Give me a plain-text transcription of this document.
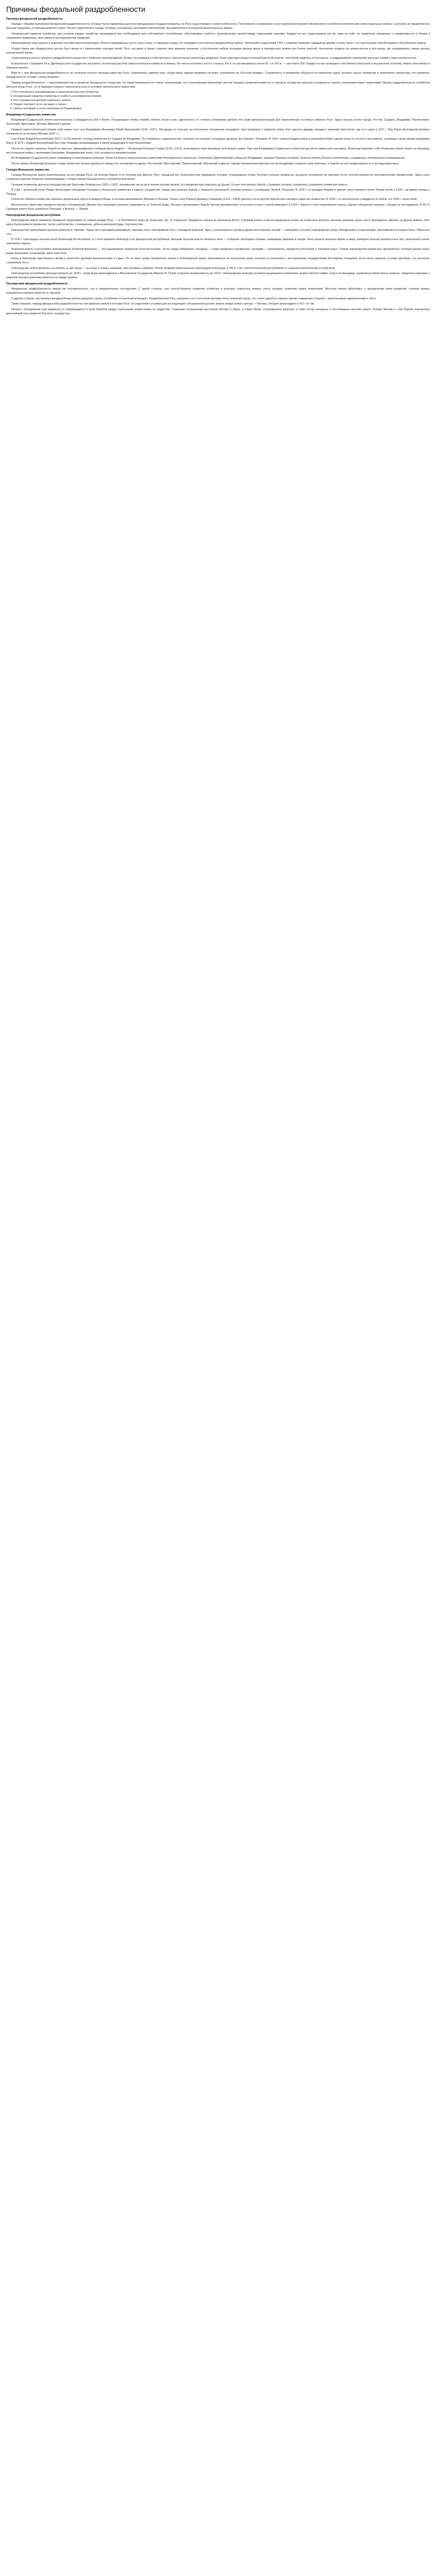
Причины феодальной раздробленности
Причины феодальной раздробленности

Наряду с общими причинами феодальной раздробленности, которые были характерны для всех феодальных государств Европы, на Руси существовали и свои особенности. Постепенное становление и рост крупной вотчинной собственности ослабляли политические связи отдельных земель с центром, их правители все меньше нуждались в помощи киевского князя. Росли и укреплялись города, которые становились центрами политической, экономической и культурной жизни крупных земель.

Натуральный характер хозяйства, при котором каждое хозяйство производило все необходимое для собственного потребления, обусловливал слабость экономических связей между отдельными землями. Каждая из них существовала как бы сама по себе, ее правители стремились к независимости от Киева и стремились превратить свои земли в наследственные владения.

Немаловажную роль играла и порочная система престолонаследия. Власть передавалась не от отца к сыну, а старшему в роду, что порождало постоянные междоусобные войны. Любечский съезд князей 1097 г. закрепил принцип «каждый да держит отчину свою», что еще больше способствовало обособлению земель.

Упадок Киева как общерусского центра был связан и с изменением торговых путей. Путь «из варяг в греки» утратил свое прежнее значение, а постоянные набеги половцев делали жизнь в южнорусских землях все более опасной. Население уходило на северо-восток и юго-запад, где складывались новые центры политической жизни.

Существенную роль в процессе раздробления сыграл рост боярского землевладения. Бояре, получившие в собственность значительные земельные владения, были заинтересованы в сильной местной власти, способной защитить их интересы, и поддерживали стремление местных князей к самостоятельности.

В результате к середине XII в. Древнерусское государство распалось на полтора десятка самостоятельных княжеств и земель. Их число постоянно росло: к началу XIII в. их насчитывалось около 50, а в XIV в. — уже около 250. Каждое из них проводило собственную внешнюю и внутреннюю политику, имело свое войско и чеканило монету.

Вместе с тем феодальная раздробленность не означала полного распада единства Руси. Сохранялись единый язык, общая вера, единая правовая система, основанная на «Русской правде». Сохранялось и понимание общности исторических судеб, которое нашло отражение в памятниках литературы того времени, прежде всего в «Слове о полку Игореве».

Период раздробленности — закономерный этап в развитии феодального общества. Он характеризовался не только негативными, но и позитивными явлениями: ростом городов, развитием ремесла и торговли, расцветом культуры в отдельных землях, освоением новых территорий. Однако раздробленность ослабляла военную мощь Руси, что в будущем сыграло трагическую роль в условиях монгольского нашествия.

1. Рост вотчинного землевладения и укрепление местного боярства.

2. Натуральный характер хозяйства и слабость экономических связей.

3. Рост городов как центров отдельных земель.

4. Упадок торгового пути «из варяг в греки».

5. Набеги половцев и отток населения из Поднепровья.

Владимиро-Суздальское княжество

Владимиро-Суздальская земля располагалась в междуречье Оки и Волги. Плодородные почвы ополий, обилие лесов и рек, удаленность от степных кочевников делали этот край привлекательным для переселенцев из южных районов Руси. Здесь быстро росли города: Ростов, Суздаль, Владимир, Переяславль-Залесский, Ярославль, Москва, Дмитров и другие.

Первым самостоятельным князем этой земли стал сын Владимира Мономаха Юрий Долгорукий (1125—1157). Прозвище он получил за постоянное стремление расширить свои владения и захватить Киев. Ему удалось дважды овладеть киевским престолом, где он и умер в 1157 г. При Юрии Долгоруком впервые упоминается в летописи Москва (1147 г.).

Сын Юрия Андрей Боголюбский (1157—1174) перенес столицу княжества из Суздаля во Владимир. Он стремился к единовластию, опирался на горожан и младшую дружину, вел борьбу с боярами. В 1169 г. войска Андрея взяли и разграбили Киев, однако князь не остался там княжить, а передал город своему младшему брату. В 1174 г. Андрей Боголюбский был убит боярами-заговорщиками в своей резиденции в селе Боголюбово.

После его смерти началась борьба за престол, завершившаяся победой брата Андрея — Всеволода Большое Гнездо (1176—1212), получившего свое прозвище за большую семью. При нем Владимиро-Суздальское княжество достигло наивысшего расцвета. Всеволод подчинил себе Рязанские земли, влиял на Новгород, вел успешные войны с волжскими булгарами. Владимирский князь стал называться великим князем.

Во Владимиро-Суздальской земле развивалась своеобразная культура. Были построены замечательные памятники белокаменного зодчества: Успенский и Дмитриевский соборы во Владимире, церковь Покрова на Нерли, Золотые ворота. Велось летописание, создавались литературные произведения.

После смерти Всеволода Большое Гнездо княжество начало дробиться между его сыновьями на уделы: Ростовский, Ярославский, Переяславский, Юрьевский и другие. Однако великокняжеский престол во Владимире сохранял свое значение, а борьба за него продолжалась и в последующие века.

Галицко-Волынское княжество

Галицко-Волынская земля располагалась на юго-западе Руси, на склонах Карпат и по течению рек Днестр, Прут, Западный Буг. Благоприятные природные условия, плодородные почвы, богатые соляные промыслы, выгодное положение на торговых путях способствовали ее экономическому процветанию. Здесь рано сложилось крупное боярское землевладение, и бояре играли большую роль в политической жизни.

Галицкое княжество достигло могущества при Ярославе Осмомысле (1153—1187), прозванном так за ум и знание восьми языков. Его владения простирались до Дуная. Он вел постоянную борьбу с боярами, которые стремились ограничить княжескую власть.

В 1199 г. волынский князь Роман Мстиславич объединил Галицкое и Волынское княжества в единое государство. Роман вел упорную борьбу с боярской оппозицией, успешно воевал с половцами, Литвой, Польшей. В 1203 г. он овладел Киевом и принял титул великого князя. Роман погиб в 1205 г. во время похода в Польшу.

После его гибели в княжестве начались длительные смуты и междоусобицы, в которые вмешивались Венгрия и Польша. Только сыну Романа Даниилу Галицкому (1221—1264) удалось после долгой борьбы восстановить единство княжества. В 1238 г. он окончательно утвердился в Галиче, а в 1240 г. занял Киев.

Монгольское нашествие прервало процесс объединения. Даниил был вынужден признать зависимость от Золотой Орды. Пытаясь организовать борьбу против завоевателей, он вступил в союз с папой римским и в 1254 г. принял от него королевскую корону. Однако обещанной помощи с Запада не последовало. В XIV в. Галицкая земля была захвачена Польшей, а Волынь — Литвой.

Новгородская феодальная республика

Новгородская земля занимала обширную территорию на северо-западе Руси — от Балтийского моря до Уральских гор, от Северного Ледовитого океана до верховьев Волги. Суровый климат и малоплодородные почвы не позволяли получать высоких урожаев, зерно часто приходилось ввозить из других земель. Зато здесь были развиты промыслы: охота, рыболовство, солеварение, добыча железной руды, бортничество.

Новгород был крупнейшим центром ремесла и торговли. Через него проходили важнейшие торговые пути, связывавшие Русь с Западной Европой. Здесь существовали торговые дворы иностранных купцов — немецкий и готский. Новгородские купцы объединялись в корпорации, крупнейшей из которых было «Иванское сто».

В 1136 г. новгородцы изгнали князя Всеволода Мстиславича, и с этого времени Новгород стал феодальной республикой. Высшим органом власти являлось вече — собрание свободных горожан, владевших дворами в городе. Вече решало вопросы войны и мира, избирало высших должностных лиц, приглашало князя, принимало законы.

Реальная власть в республике принадлежала боярской верхушке — так называемым «тремстам золотым поясам». Из их среды избирались посадник — глава городского управления, тысяцкий — руководитель городского ополчения и торговый судья. Главой новгородской церкви был архиепископ, который хранил казну, ведал внешними сношениями, имел свой полк.

Князь в Новгороде приглашался вечем и выполнял функции военачальника и судьи. Он не имел права приобретать земли в Новгородской земле, вмешиваться во внутренние дела, вступать в отношения с иностранными государствами без ведома посадника. Если князь нарушал условия договора, его изгоняли: «указывали путь».

Новгородская земля делилась на пятины, а сам город — на концы и улицы, имевшие свои вечевые собрания. Псков, бывший первоначально пригородом Новгорода, в XIII в. стал самостоятельной республикой со сходным политическим устройством.

Новгородская республика просуществовала до 1478 г., когда была присоединена к Московскому государству Иваном III. Псков сохранял независимость до 1510 г. Новгородская культура оставила выдающиеся памятники: храмы Святой Софии, Спаса на Нередице, знаменитые берестяные грамоты, свидетельствующие о широком распространении грамотности среди горожан.

Последствия феодальной раздробленности

Феодальная раздробленность имела как положительные, так и отрицательные последствия. С одной стороны, она способствовала развитию хозяйства и культуры отдельных земель, росту городов, освоению новых территорий. Местные князья заботились о процветании своих владений, строили храмы, покровительствовали ремеслу и торговле.

С другой стороны, постоянные междоусобные войны разоряли страну, ослабляли ее военный потенциал. Раздробленная Русь оказалась не в состоянии противостоять внешней угрозе, что стало одной из главных причин поражения в борьбе с монгольскими завоевателями в XIII в.

Таким образом, период феодальной раздробленности стал важным этапом в истории Руси. Он подготовил условия для последующего объединения русских земель вокруг нового центра — Москвы, которое происходило в XIV—XV вв.

Процесс объединения шел медленно и сопровождался острой борьбой между отдельными княжествами за лидерство. Главными соперниками выступали Москва и Тверь, а также Литва, стремившаяся включить в свой состав западные и юго-западные русские земли. Победа Москвы в этой борьбе определила дальнейший путь развития Русского государства.
